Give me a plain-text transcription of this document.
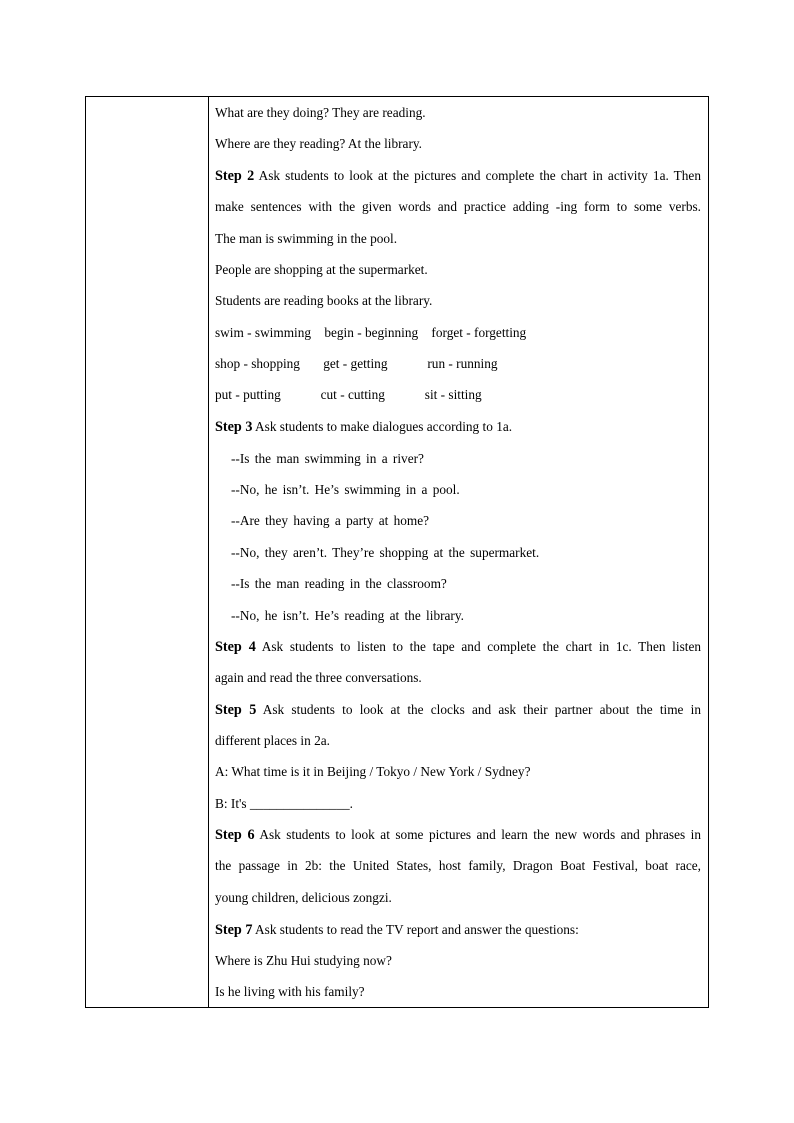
What are they doing? They are reading.
Where are they reading? At the library.
Step 2 Ask students to look at the pictures and complete the chart in activity 1a. Then
make sentences with the given words and practice adding -ing form to some verbs.
The man is swimming in the pool.
People are shopping at the supermarket.
Students are reading books at the library.
swim - swimming    begin - beginning    forget - forgetting
shop - shopping       get - getting            run - running
put - putting            cut - cutting            sit - sitting
Step 3 Ask students to make dialogues according to 1a.
--Is the man swimming in a river?
--No, he isn’t. He’s swimming in a pool.
--Are they having a party at home?
--No, they aren’t. They’re shopping at the supermarket.
--Is the man reading in the classroom?
--No, he isn’t. He’s reading at the library.
Step 4 Ask students to listen to the tape and complete the chart in 1c. Then listen
again and read the three conversations.
Step 5 Ask students to look at the clocks and ask their partner about the time in
different places in 2a.
A: What time is it in Beijing / Tokyo / New York / Sydney?
B: It's _______________.
Step 6 Ask students to look at some pictures and learn the new words and phrases in
the passage in 2b: the United States, host family, Dragon Boat Festival, boat race,
young children, delicious zongzi.
Step 7 Ask students to read the TV report and answer the questions:
Where is Zhu Hui studying now?
Is he living with his family?
